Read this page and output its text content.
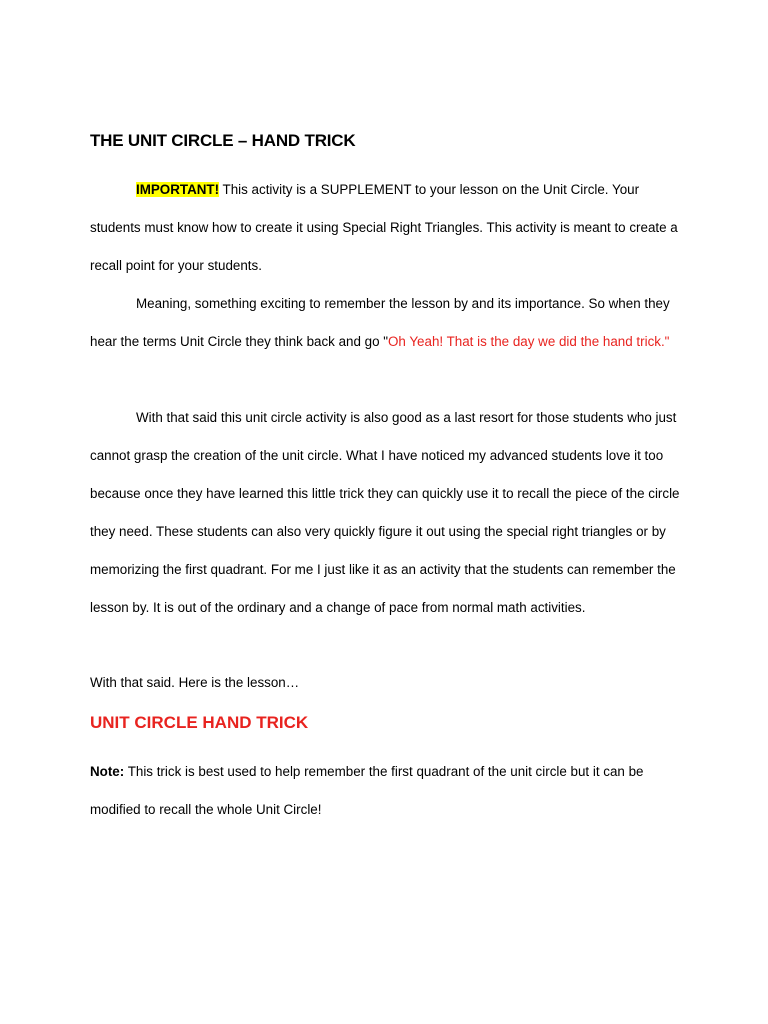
THE UNIT CIRCLE – HAND TRICK

IMPORTANT! This activity is a SUPPLEMENT to your lesson on the Unit Circle. Your students must know how to create it using Special Right Triangles. This activity is meant to create a recall point for your students.

Meaning, something exciting to remember the lesson by and its importance. So when they hear the terms Unit Circle they think back and go "Oh Yeah! That is the day we did the hand trick."

With that said this unit circle activity is also good as a last resort for those students who just cannot grasp the creation of the unit circle. What I have noticed my advanced students love it too because once they have learned this little trick they can quickly use it to recall the piece of the circle they need. These students can also very quickly figure it out using the special right triangles or by memorizing the first quadrant. For me I just like it as an activity that the students can remember the lesson by. It is out of the ordinary and a change of pace from normal math activities.

With that said. Here is the lesson…

UNIT CIRCLE HAND TRICK

Note: This trick is best used to help remember the first quadrant of the unit circle but it can be modified to recall the whole Unit Circle!
